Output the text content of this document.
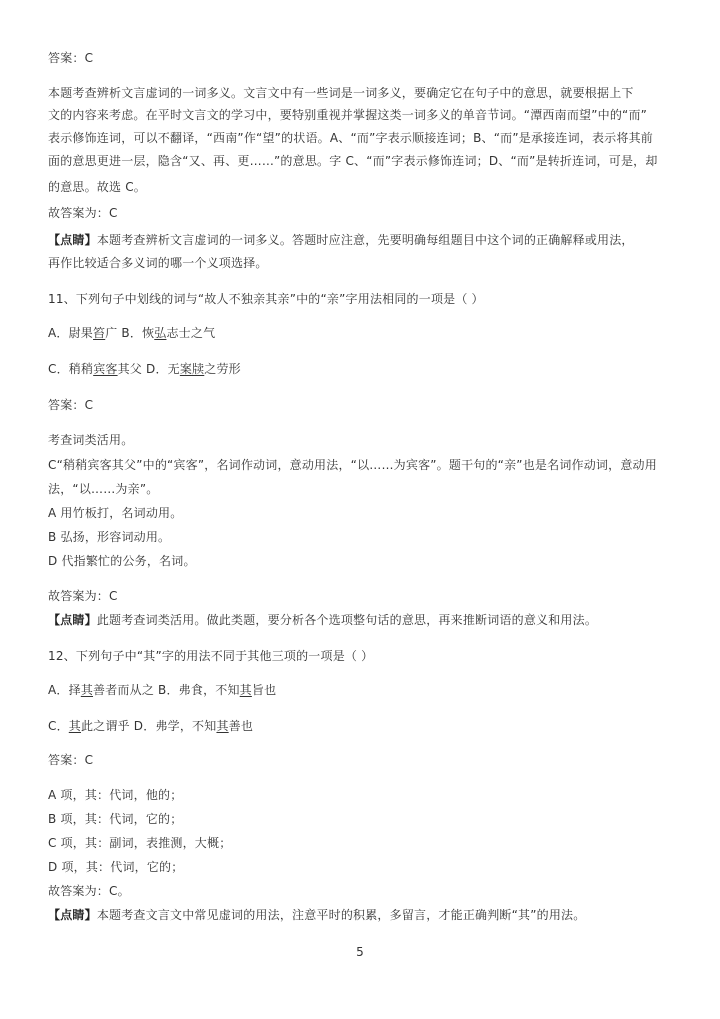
答案：C
本题考查辨析文言虚词的一词多义。文言文中有一些词是一词多义，要确定它在句子中的意思，就要根据上下
文的内容来考虑。在平时文言文的学习中，要特别重视并掌握这类一词多义的单音节词。“潭西南而望”中的“而”
表示修饰连词，可以不翻译，“西南”作“望”的状语。A、“而”字表示顺接连词；B、“而”是承接连词，表示将其前
面的意思更进一层，隐含“又、再、更……”的意思。字 C、“而”字表示修饰连词；D、“而”是转折连词，可是，却
的意思。故选 C。
故答案为：C
【点睛】本题考查辨析文言虚词的一词多义。答题时应注意，先要明确每组题目中这个词的正确解释或用法，
再作比较适合多义词的哪一个义项选择。
11、下列句子中划线的词与“故人不独亲其亲”中的“亲”字用法相同的一项是（ ）
A．尉果笞广 B．恢弘志士之气
C．稍稍宾客其父 D．无案牍之劳形
答案：C
考查词类活用。
C“稍稍宾客其父”中的“宾客”，名词作动词，意动用法，“以……为宾客”。题干句的“亲”也是名词作动词，意动用
法，“以……为亲”。
A 用竹板打，名词动用。
B 弘扬，形容词动用。
D 代指繁忙的公务，名词。
故答案为：C
【点睛】此题考查词类活用。做此类题，要分析各个选项整句话的意思，再来推断词语的意义和用法。
12、下列句子中“其”字的用法不同于其他三项的一项是（ ）
A．择其善者而从之 B．弗食，不知其旨也
C．其此之谓乎 D．弗学，不知其善也
答案：C
A 项，其：代词，他的；
B 项，其：代词，它的；
C 项，其：副词，表推测，大概；
D 项，其：代词，它的；
故答案为：C。
【点睛】本题考查文言文中常见虚词的用法，注意平时的积累，多留言，才能正确判断“其”的用法。
5
